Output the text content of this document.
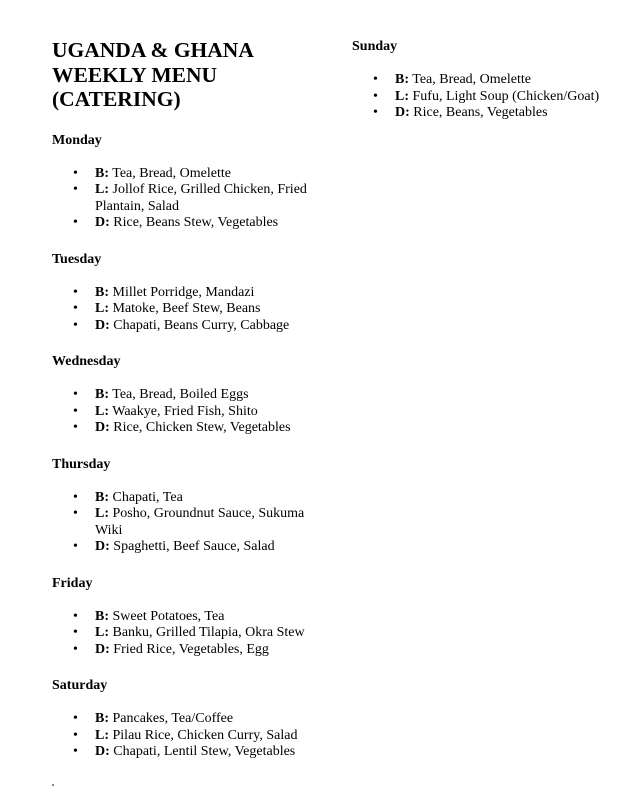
UGANDA & GHANA
WEEKLY MENU
(CATERING)

Monday

• B: Tea, Bread, Omelette
• L: Jollof Rice, Grilled Chicken, Fried Plantain, Salad
• D: Rice, Beans Stew, Vegetables

Tuesday

• B: Millet Porridge, Mandazi
• L: Matoke, Beef Stew, Beans
• D: Chapati, Beans Curry, Cabbage

Wednesday

• B: Tea, Bread, Boiled Eggs
• L: Waakye, Fried Fish, Shito
• D: Rice, Chicken Stew, Vegetables

Thursday

• B: Chapati, Tea
• L: Posho, Groundnut Sauce, Sukuma Wiki
• D: Spaghetti, Beef Sauce, Salad

Friday

• B: Sweet Potatoes, Tea
• L: Banku, Grilled Tilapia, Okra Stew
• D: Fried Rice, Vegetables, Egg

Saturday

• B: Pancakes, Tea/Coffee
• L: Pilau Rice, Chicken Curry, Salad
• D: Chapati, Lentil Stew, Vegetables

Sunday

• B: Tea, Bread, Omelette
• L: Fufu, Light Soup (Chicken/Goat)
• D: Rice, Beans, Vegetables
